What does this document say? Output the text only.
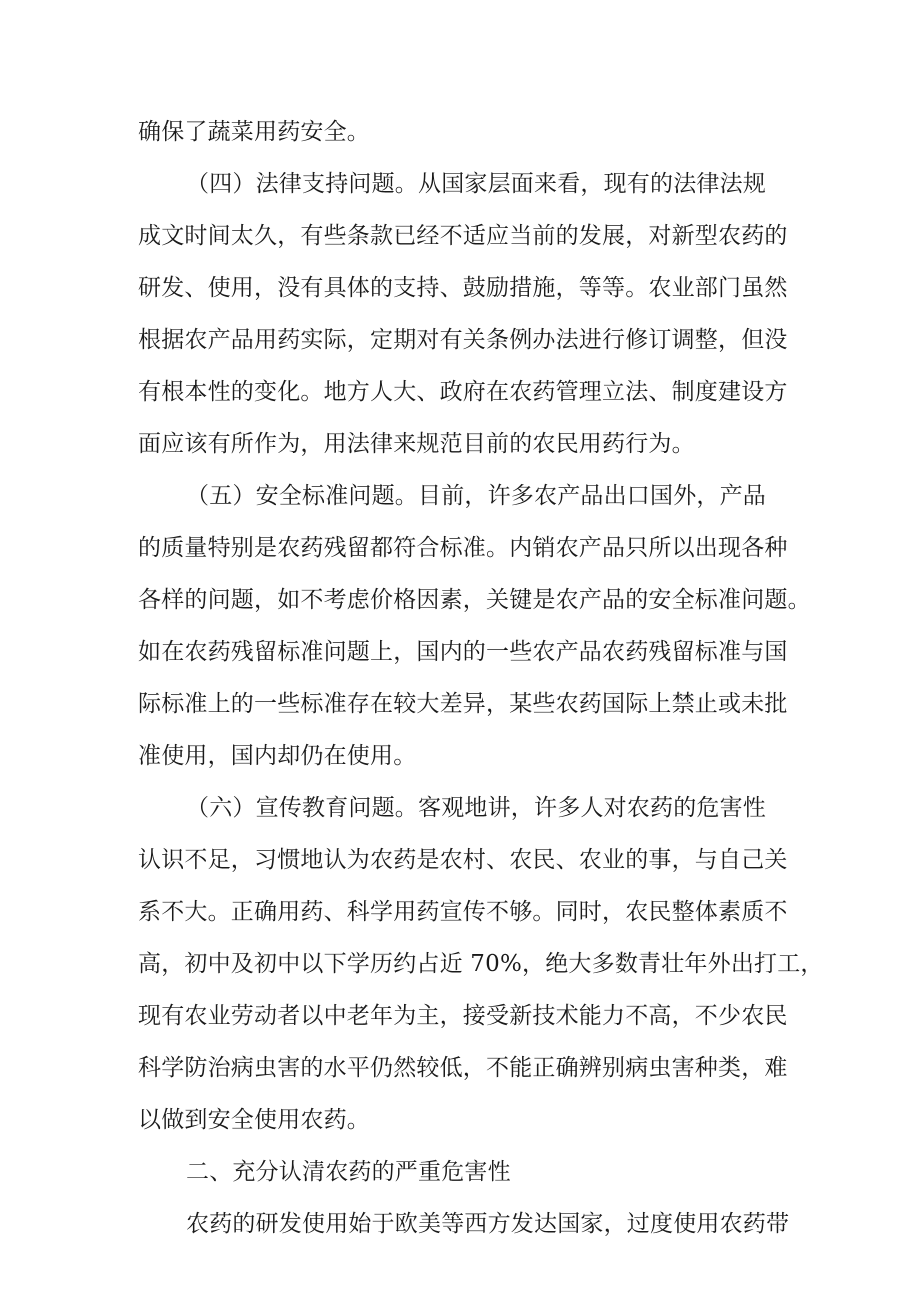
确保了蔬菜用药安全。
（四）法律支持问题。从国家层面来看，现有的法律法规
成文时间太久，有些条款已经不适应当前的发展，对新型农药的
研发、使用，没有具体的支持、鼓励措施，等等。农业部门虽然
根据农产品用药实际，定期对有关条例办法进行修订调整，但没
有根本性的变化。地方人大、政府在农药管理立法、制度建设方
面应该有所作为，用法律来规范目前的农民用药行为。
（五）安全标准问题。目前，许多农产品出口国外，产品
的质量特别是农药残留都符合标准。内销农产品只所以出现各种
各样的问题，如不考虑价格因素，关键是农产品的安全标准问题。
如在农药残留标准问题上，国内的一些农产品农药残留标准与国
际标准上的一些标准存在较大差异，某些农药国际上禁止或未批
准使用，国内却仍在使用。
（六）宣传教育问题。客观地讲，许多人对农药的危害性
认识不足，习惯地认为农药是农村、农民、农业的事，与自己关
系不大。正确用药、科学用药宣传不够。同时，农民整体素质不
高，初中及初中以下学历约占近 70%，绝大多数青壮年外出打工，
现有农业劳动者以中老年为主，接受新技术能力不高，不少农民
科学防治病虫害的水平仍然较低，不能正确辨别病虫害种类，难
以做到安全使用农药。
二、充分认清农药的严重危害性
农药的研发使用始于欧美等西方发达国家，过度使用农药带
